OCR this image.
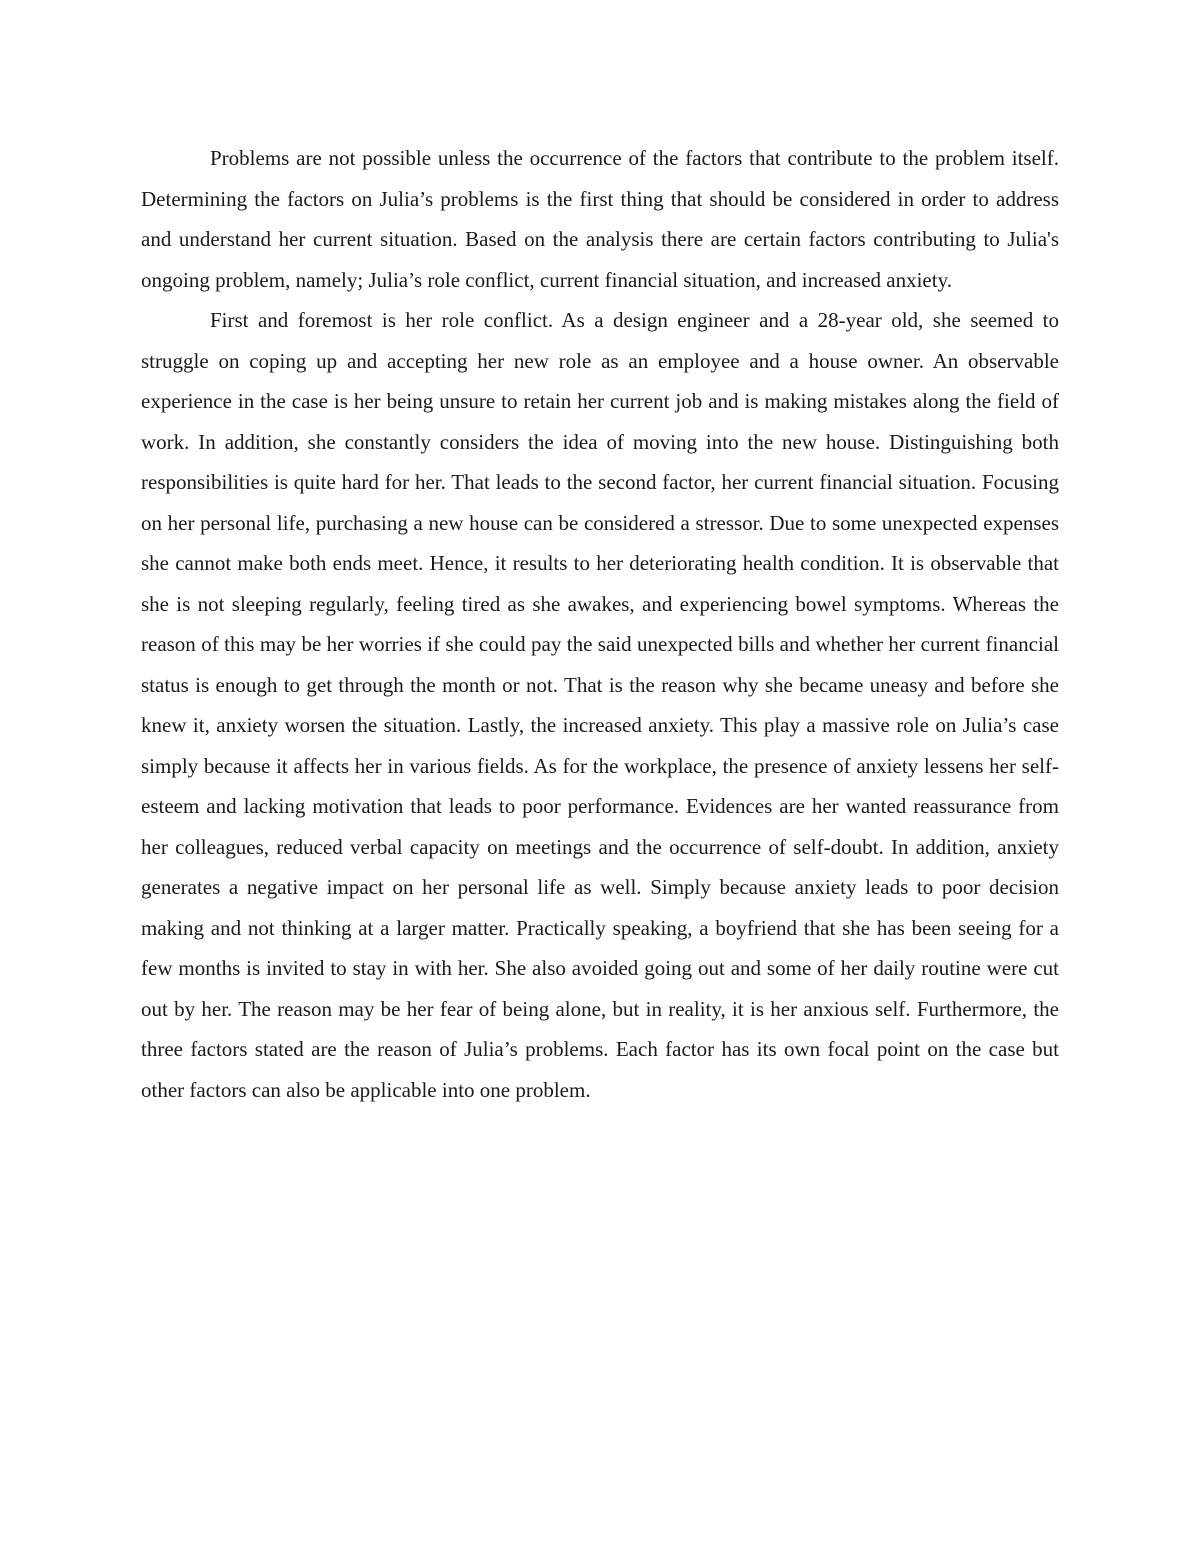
Problems are not possible unless the occurrence of the factors that contribute to the problem itself. Determining the factors on Julia’s problems is the first thing that should be considered in order to address and understand her current situation. Based on the analysis there are certain factors contributing to Julia's ongoing problem, namely; Julia’s role conflict, current financial situation, and increased anxiety.

First and foremost is her role conflict. As a design engineer and a 28-year old, she seemed to struggle on coping up and accepting her new role as an employee and a house owner. An observable experience in the case is her being unsure to retain her current job and is making mistakes along the field of work. In addition, she constantly considers the idea of moving into the new house. Distinguishing both responsibilities is quite hard for her. That leads to the second factor, her current financial situation. Focusing on her personal life, purchasing a new house can be considered a stressor. Due to some unexpected expenses she cannot make both ends meet. Hence, it results to her deteriorating health condition. It is observable that she is not sleeping regularly, feeling tired as she awakes, and experiencing bowel symptoms. Whereas the reason of this may be her worries if she could pay the said unexpected bills and whether her current financial status is enough to get through the month or not. That is the reason why she became uneasy and before she knew it, anxiety worsen the situation. Lastly, the increased anxiety. This play a massive role on Julia’s case simply because it affects her in various fields. As for the workplace, the presence of anxiety lessens her self-esteem and lacking motivation that leads to poor performance. Evidences are her wanted reassurance from her colleagues, reduced verbal capacity on meetings and the occurrence of self-doubt. In addition, anxiety generates a negative impact on her personal life as well. Simply because anxiety leads to poor decision making and not thinking at a larger matter. Practically speaking, a boyfriend that she has been seeing for a few months is invited to stay in with her. She also avoided going out and some of her daily routine were cut out by her. The reason may be her fear of being alone, but in reality, it is her anxious self. Furthermore, the three factors stated are the reason of Julia’s problems. Each factor has its own focal point on the case but other factors can also be applicable into one problem.
